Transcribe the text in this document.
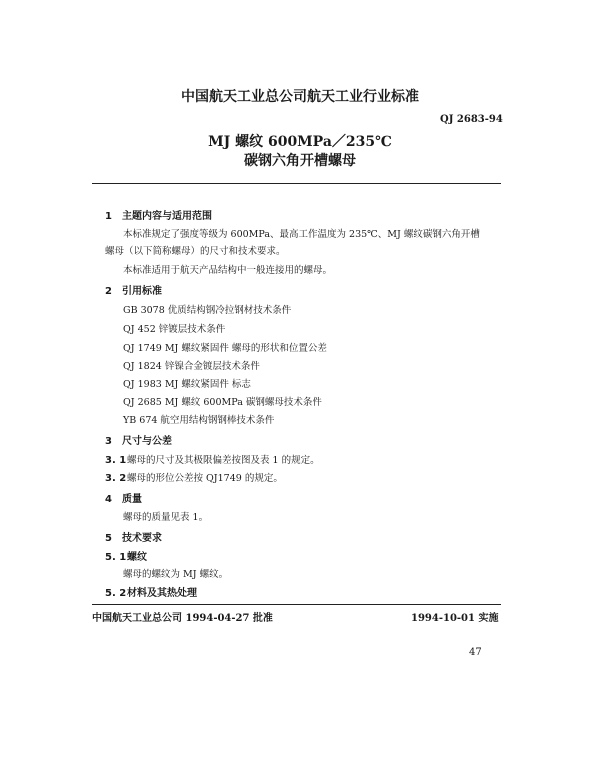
中国航天工业总公司航天工业行业标准
QJ 2683-94
MJ 螺纹 600MPa／235℃
碳钢六角开槽螺母
1 主题内容与适用范围
本标准规定了强度等级为 600MPa、最高工作温度为 235℃、MJ 螺纹碳钢六角开槽
螺母（以下简称螺母）的尺寸和技术要求。
本标准适用于航天产品结构中一般连接用的螺母。
2 引用标准
GB 3078 优质结构钢冷拉钢材技术条件
QJ 452 锌镀层技术条件
QJ 1749 MJ 螺纹紧固件 螺母的形状和位置公差
QJ 1824 锌镍合金镀层技术条件
QJ 1983 MJ 螺纹紧固件 标志
QJ 2685 MJ 螺纹 600MPa 碳钢螺母技术条件
YB 674 航空用结构钢钢棒技术条件
3 尺寸与公差
3. 1螺母的尺寸及其极限偏差按图及表 1 的规定。
3. 2螺母的形位公差按 QJ1749 的规定。
4 质量
螺母的质量见表 1。
5 技术要求
5. 1螺纹
螺母的螺纹为 MJ 螺纹。
5. 2材料及其热处理
中国航天工业总公司 1994-04-27 批准	1994-10-01 实施
47
